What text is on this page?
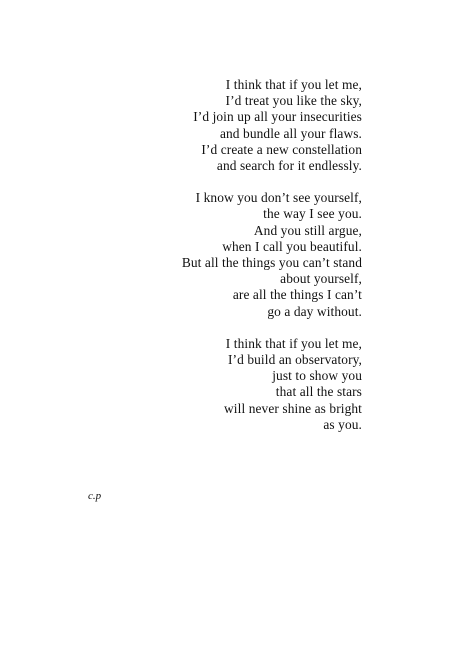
I think that if you let me,
I’d treat you like the sky,
I’d join up all your insecurities
and bundle all your flaws.
I’d create a new constellation
and search for it endlessly.
I know you don’t see yourself,
the way I see you.
And you still argue,
when I call you beautiful.
But all the things you can’t stand
about yourself,
are all the things I can’t
go a day without.
I think that if you let me,
I’d build an observatory,
just to show you
that all the stars
will never shine as bright
as you.
c.p
